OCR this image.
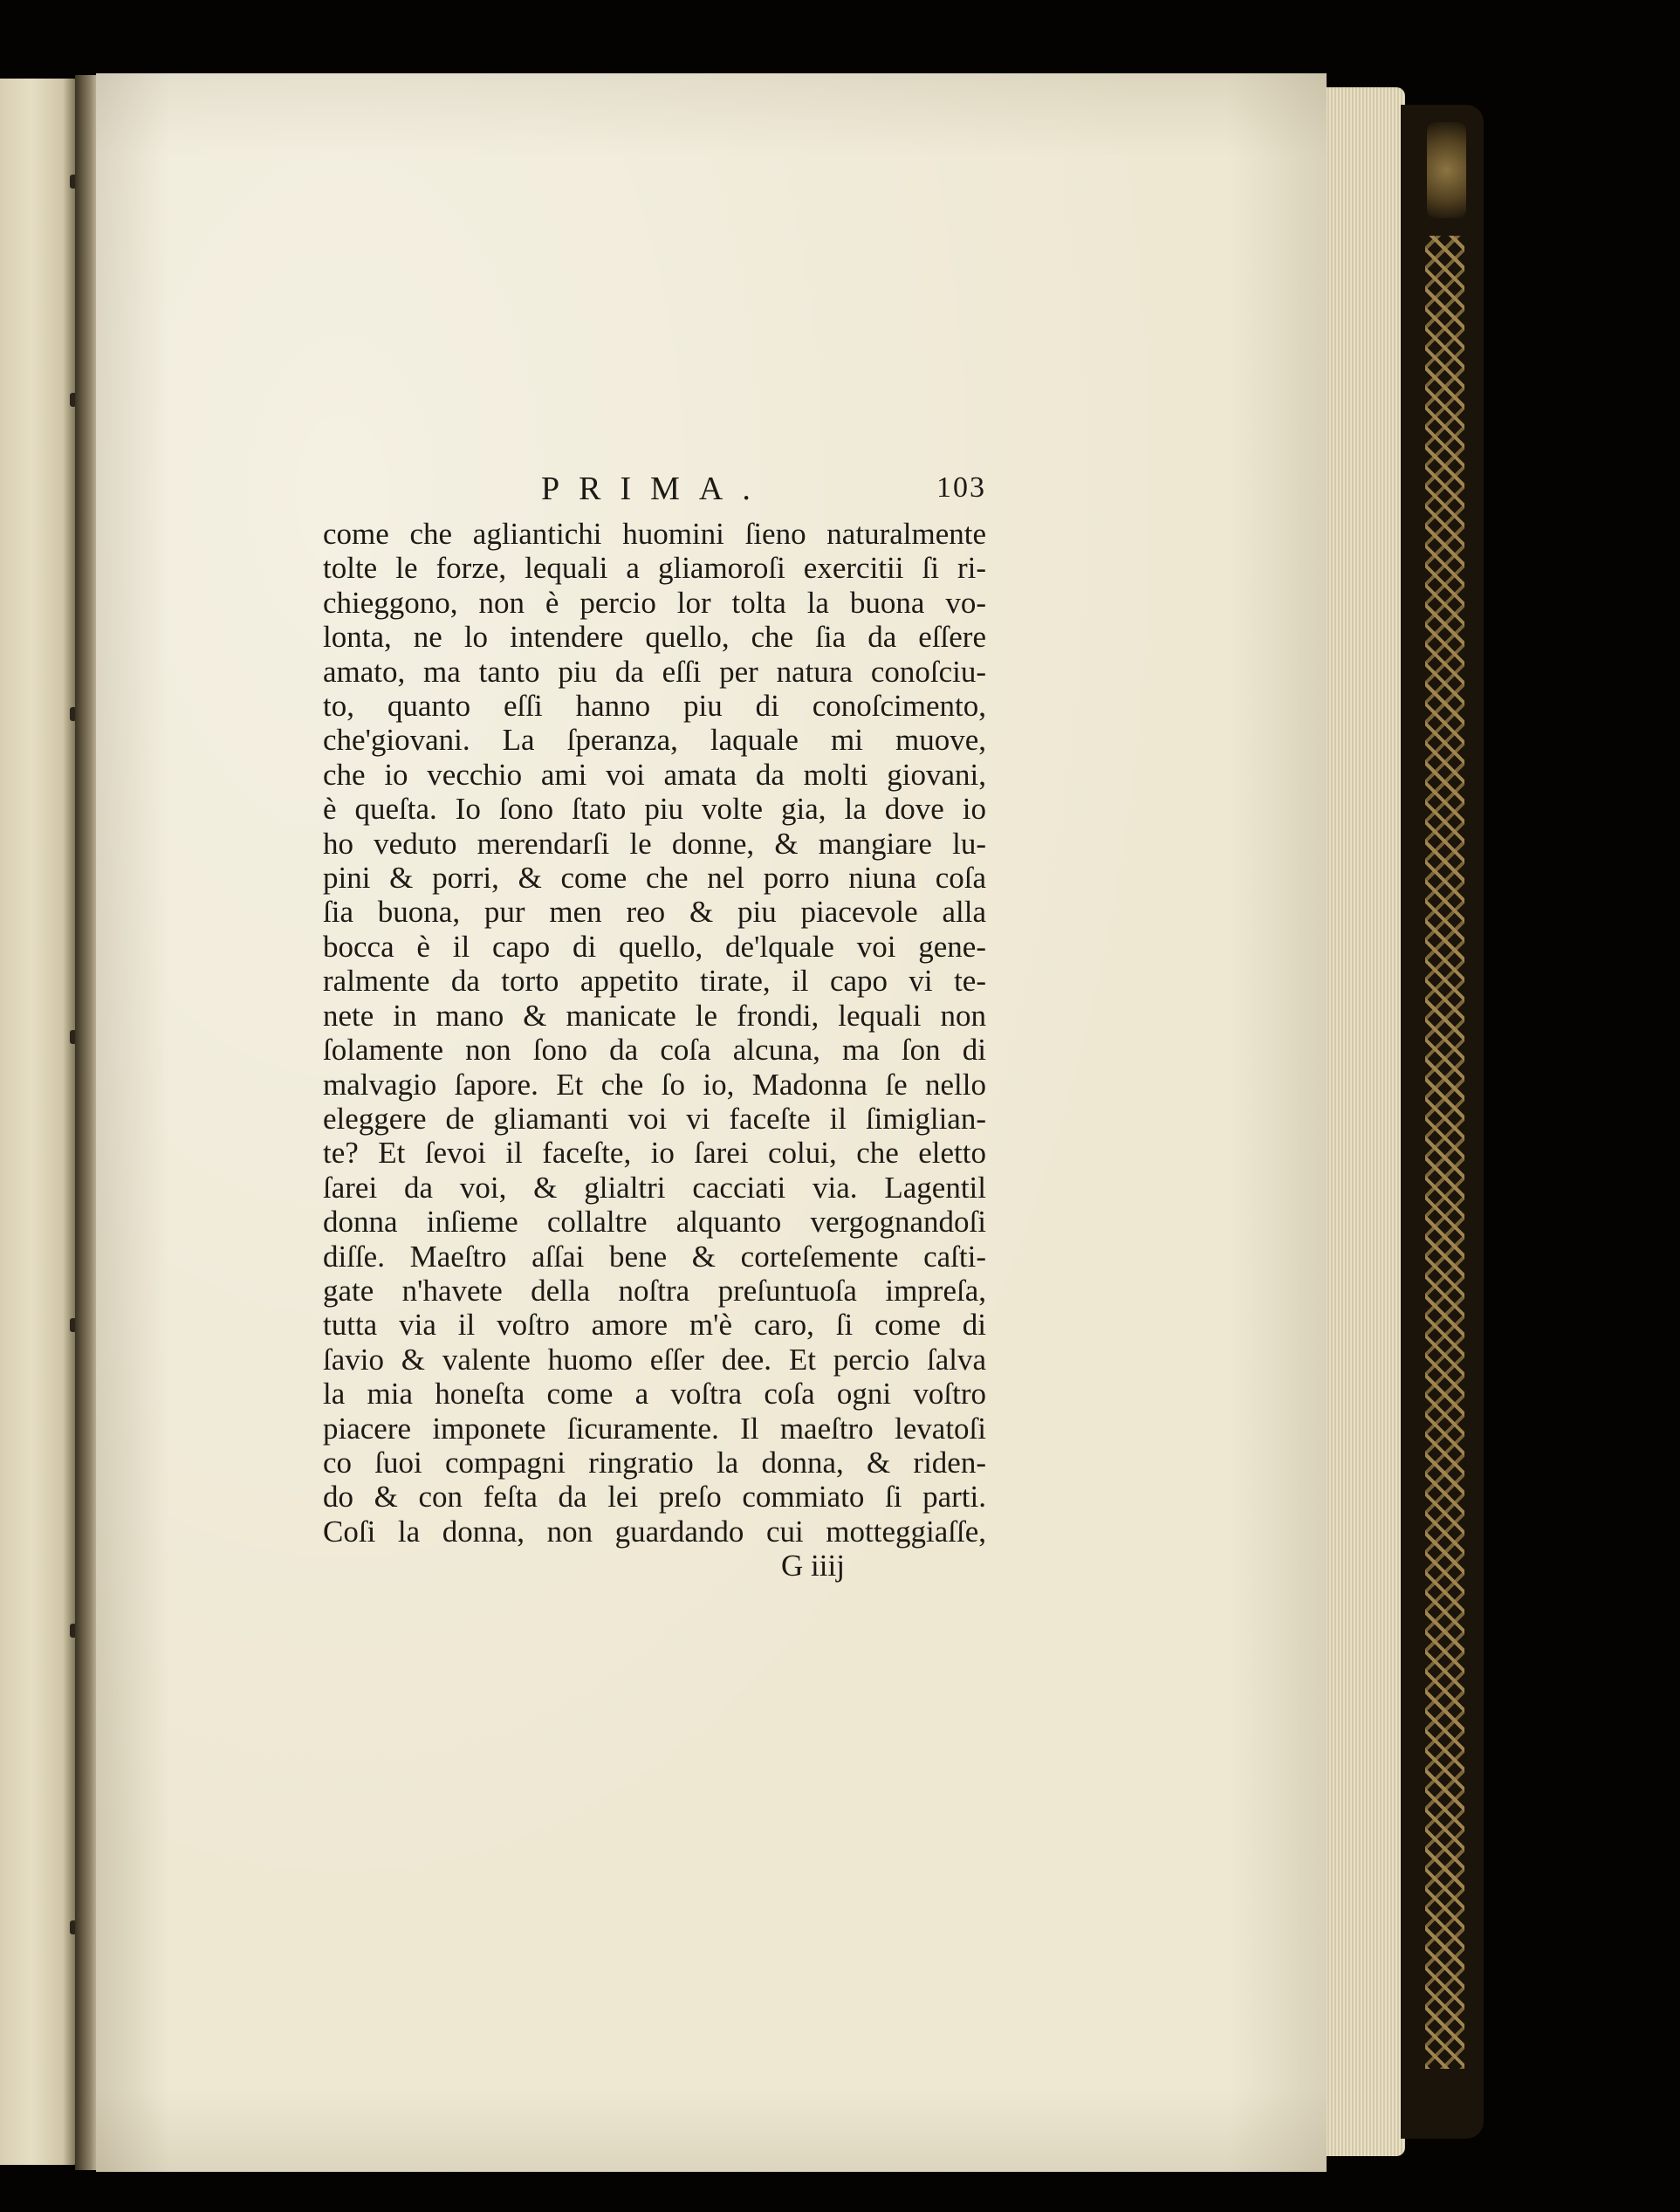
PRIMA.	103
come che agliantichi huomini ſieno naturalmente
tolte le forze, lequali a gliamoroſi exercitii ſi ri-
chieggono, non è percio lor tolta la buona vo-
lonta, ne lo intendere quello, che ſia da eſſere
amato, ma tanto piu da eſſi per natura conoſciu-
to, quanto eſſi hanno piu di conoſcimento,
che'giovani. La ſperanza, laquale mi muove,
che io vecchio ami voi amata da molti giovani,
è queſta. Io ſono ſtato piu volte gia, la dove io
ho veduto merendarſi le donne, & mangiare lu-
pini & porri, & come che nel porro niuna coſa
ſia buona, pur men reo & piu piacevole alla
bocca è il capo di quello, de'lquale voi gene-
ralmente da torto appetito tirate, il capo vi te-
nete in mano & manicate le frondi, lequali non
ſolamente non ſono da coſa alcuna, ma ſon di
malvagio ſapore. Et che ſo io, Madonna ſe nello
eleggere de gliamanti voi vi faceſte il ſimiglian-
te? Et ſevoi il faceſte, io ſarei colui, che eletto
ſarei da voi, & glialtri cacciati via. Lagentil
donna inſieme collaltre alquanto vergognandoſi
diſſe. Maeſtro aſſai bene & corteſemente caſti-
gate n'havete della noſtra preſuntuoſa impreſa,
tutta via il voſtro amore m'è caro, ſi come di
ſavio & valente huomo eſſer dee. Et percio ſalva
la mia honeſta come a voſtra coſa ogni voſtro
piacere imponete ſicuramente. Il maeſtro levatoſi
co ſuoi compagni ringratio la donna, & riden-
do & con feſta da lei preſo commiato ſi parti.
Coſi la donna, non guardando cui motteggiaſſe,
G iiij
